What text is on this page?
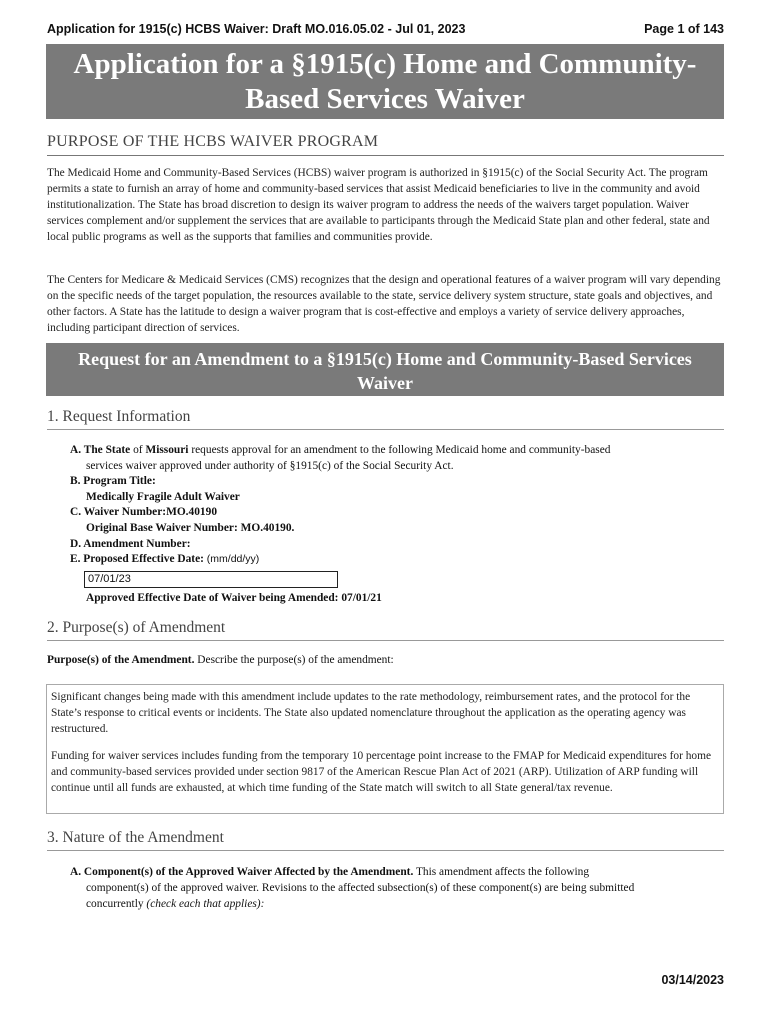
Application for 1915(c) HCBS Waiver: Draft MO.016.05.02 - Jul 01, 2023	Page 1 of 143
Application for a §1915(c) Home and Community-
Based Services Waiver
PURPOSE OF THE HCBS WAIVER PROGRAM
The Medicaid Home and Community-Based Services (HCBS) waiver program is authorized in §1915(c) of the Social Security Act. The program permits a state to furnish an array of home and community-based services that assist Medicaid beneficiaries to live in the community and avoid institutionalization. The State has broad discretion to design its waiver program to address the needs of the waivers target population. Waiver services complement and/or supplement the services that are available to participants through the Medicaid State plan and other federal, state and local public programs as well as the supports that families and communities provide.
The Centers for Medicare & Medicaid Services (CMS) recognizes that the design and operational features of a waiver program will vary depending on the specific needs of the target population, the resources available to the state, service delivery system structure, state goals and objectives, and other factors. A State has the latitude to design a waiver program that is cost-effective and employs a variety of service delivery approaches, including participant direction of services.
Request for an Amendment to a §1915(c) Home and Community-Based Services
Waiver
1. Request Information
A. The State of Missouri requests approval for an amendment to the following Medicaid home and community-based
services waiver approved under authority of §1915(c) of the Social Security Act.
B. Program Title:
Medically Fragile Adult Waiver
C. Waiver Number:MO.40190
Original Base Waiver Number: MO.40190.
D. Amendment Number:
E. Proposed Effective Date: (mm/dd/yy)
07/01/23
Approved Effective Date of Waiver being Amended: 07/01/21
2. Purpose(s) of Amendment
Purpose(s) of the Amendment. Describe the purpose(s) of the amendment:

Significant changes being made with this amendment include updates to the rate methodology, reimbursement rates, and the protocol for the State’s response to critical events or incidents. The State also updated nomenclature throughout the application as the operating agency was restructured.

Funding for waiver services includes funding from the temporary 10 percentage point increase to the FMAP for Medicaid expenditures for home and community-based services provided under section 9817 of the American Rescue Plan Act of 2021 (ARP). Utilization of ARP funding will continue until all funds are exhausted, at which time funding of the State match will switch to all State general/tax revenue.

3. Nature of the Amendment
A. Component(s) of the Approved Waiver Affected by the Amendment. This amendment affects the following
component(s) of the approved waiver. Revisions to the affected subsection(s) of these component(s) are being submitted
concurrently (check each that applies):
03/14/2023
